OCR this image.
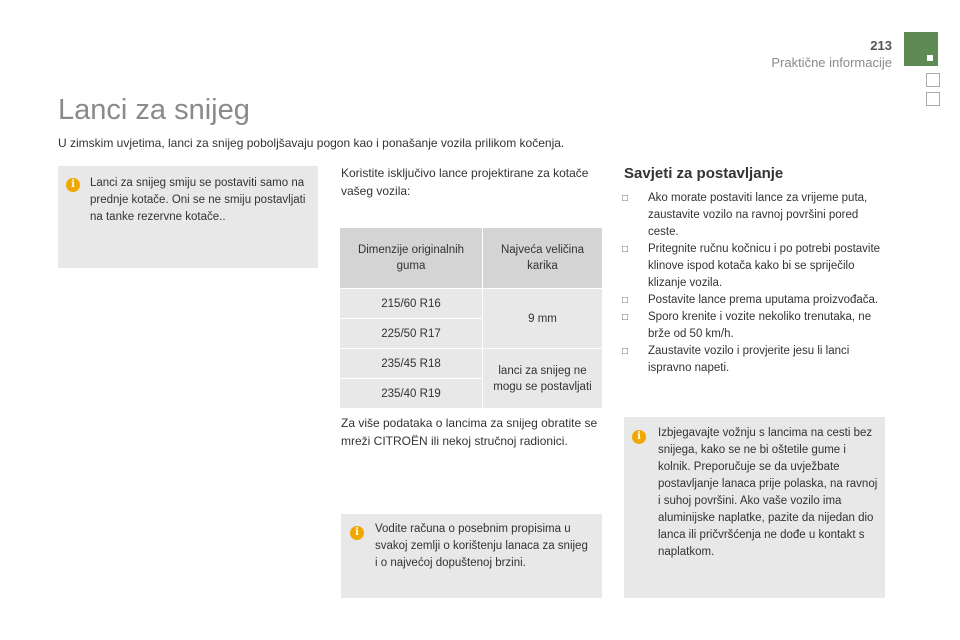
213
Praktične informacije
Lanci za snijeg
U zimskim uvjetima, lanci za snijeg poboljšavaju pogon kao i ponašanje vozila prilikom kočenja.
i	Lanci za snijeg smiju se postaviti samo na prednje kotače. Oni se ne smiju postavljati na tanke rezervne kotače..
Koristite isključivo lance projektirane za kotače vašeg vozila:
Dimenzije originalnih guma	Najveća veličina karika
215/60 R16	9 mm
225/50 R17	
235/45 R18	lanci za snijeg ne mogu se postavljati
235/40 R19	
Za više podataka o lancima za snijeg obratite se mreži CITROËN ili nekoj stručnoj radionici.
i	Vodite računa o posebnim propisima u svakoj zemlji o korištenju lanaca za snijeg i o najvećoj dopuštenoj brzini.
Savjeti za postavljanje
□ Ako morate postaviti lance za vrijeme puta, zaustavite vozilo na ravnoj površini pored ceste.
□ Pritegnite ručnu kočnicu i po potrebi postavite klinove ispod kotača kako bi se spriječilo klizanje vozila.
□ Postavite lance prema uputama proizvođača.
□ Sporo krenite i vozite nekoliko trenutaka, ne brže od 50 km/h.
□ Zaustavite vozilo i provjerite jesu li lanci ispravno napeti.
i	Izbjegavajte vožnju s lancima na cesti bez snijega, kako se ne bi oštetile gume i kolnik. Preporučuje se da uvježbate postavljanje lanaca prije polaska, na ravnoj i suhoj površini. Ako vaše vozilo ima aluminijske naplatke, pazite da nijedan dio lanca ili pričvršćenja ne dođe u kontakt s naplatkom.
